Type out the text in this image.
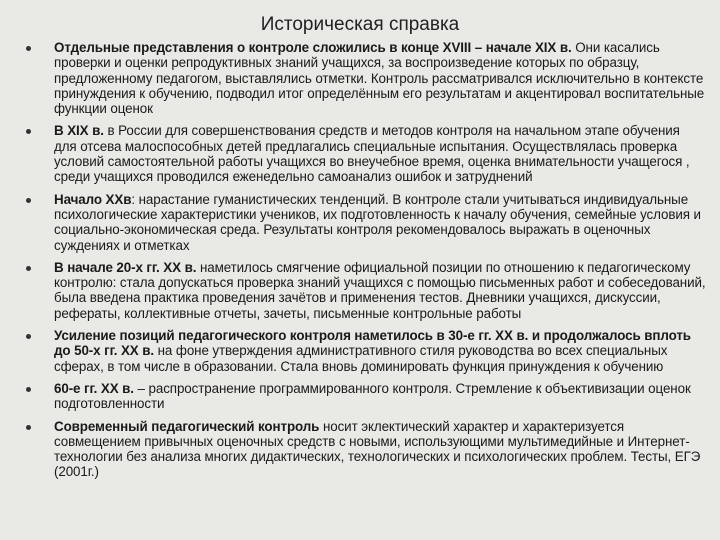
Историческая справка
Отдельные представления о контроле сложились в конце XVIII – начале XIX в. Они касались проверки и оценки репродуктивных знаний учащихся, за воспроизведение которых по образцу, предложенному педагогом, выставлялись отметки. Контроль рассматривался исключительно в контексте принуждения к обучению, подводил итог определённым его результатам и акцентировал воспитательные функции оценок
В XIX в. в России для совершенствования средств и методов контроля на начальном этапе обучения для отсева малоспособных детей предлагались специальные испытания. Осуществлялась проверка условий самостоятельной работы учащихся во внеучебное время, оценка внимательности учащегося , среди учащихся проводился еженедельно самоанализ ошибок и затруднений
Начало XXв: нарастание гуманистических тенденций. В контроле стали учитываться индивидуальные психологические характеристики учеников, их подготовленность к началу обучения, семейные условия и социально-экономическая среда. Результаты контроля рекомендовалось выражать в оценочных суждениях и отметках
В начале 20-х гг. XX в. наметилось смягчение официальной позиции по отношению к педагогическому контролю: стала допускаться проверка знаний учащихся с помощью письменных работ и собеседований, была введена практика проведения зачётов и применения тестов. Дневники учащихся, дискуссии, рефераты, коллективные отчеты, зачеты, письменные контрольные работы
Усиление позиций педагогического контроля наметилось в 30-е гг. XX в. и продолжалось вплоть до 50-х гг. XX в. на фоне утверждения административного стиля руководства во всех специальных сферах, в том числе в образовании. Стала вновь доминировать функция принуждения к обучению
60-е гг. XX в. – распространение программированного контроля. Стремление к объективизации оценок подготовленности
Современный педагогический контроль носит эклектический характер и характеризуется совмещением привычных оценочных средств с новыми, использующими мультимедийные и Интернет-технологии без анализа многих дидактических, технологических и психологических проблем. Тесты, ЕГЭ (2001г.)
